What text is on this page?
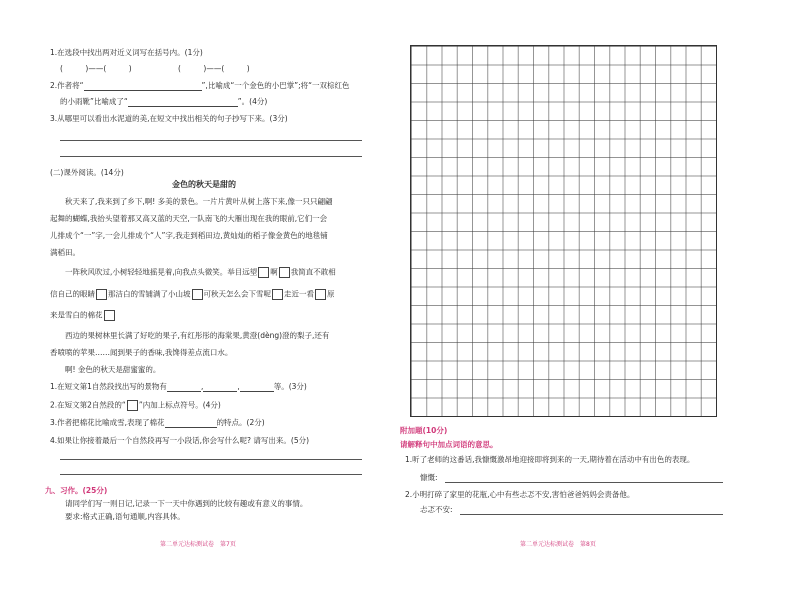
1.在选段中找出两对近义词写在括号内。(1分)
(　　　)——(　　　)	(　　　)——(　　　)
2.作者将“	”,比喻成“一个金色的小巴掌”;将“一双棕红色
的小雨靴”比喻成了“	”。(4分)
3.从哪里可以看出水泥道的美,在短文中找出相关的句子抄写下来。(3分)
(二)课外阅读。(14分)
金色的秋天是甜的
秋天来了,我来到了乡下,啊! 多美的景色。一片片黄叶从树上落下来,像一只只翩翩
起舞的蝴蝶,我抬头望着那又高又蓝的天空,一队南飞的大雁出现在我的眼前,它们一会
儿排成个“一”字,一会儿排成个“人”字,我走到稻田边,黄灿灿的稻子像金黄色的地毯铺
满稻田。
一阵秋风吹过,小树轻轻地摇晃着,向我点头微笑。举目远望 啊 我简直不敢相
信自己的眼睛 那洁白的雪铺满了小山坡 可秋天怎么会下雪呢 走近一看 原
来是雪白的棉花
西边的果树林里长满了好吃的果子,有红彤彤的海棠果,黄澄(dèng)澄的梨子,还有
香喷喷的苹果……闻到果子的香味,我馋得差点流口水。
啊! 金色的秋天是甜蜜蜜的。
1.在短文第1自然段找出写的景物有	,	,	等。(3分)
2.在短文第2自然段的“ ”内加上标点符号。(4分)
3.作者把棉花比喻成雪,表现了棉花	的特点。(2分)
4.如果让你接着最后一个自然段再写一小段话,你会写什么呢? 请写出来。(5分)
九、习作。(25分)
请同学们写一则日记,记录一下一天中你遇到的比较有趣或有意义的事情。
要求:格式正确,语句通顺,内容具体。
第二单元达标测试卷　第7页
附加题(10分)
请解释句中加点词语的意思。
1.听了老师的这番话,我慷慨激昂地迎接即将到来的一天,期待着在活动中有出色的表现。
慷慨:
2.小明打碎了家里的花瓶,心中有些忐忑不安,害怕爸爸妈妈会责备他。
忐忑不安:
第二单元达标测试卷　第8页
